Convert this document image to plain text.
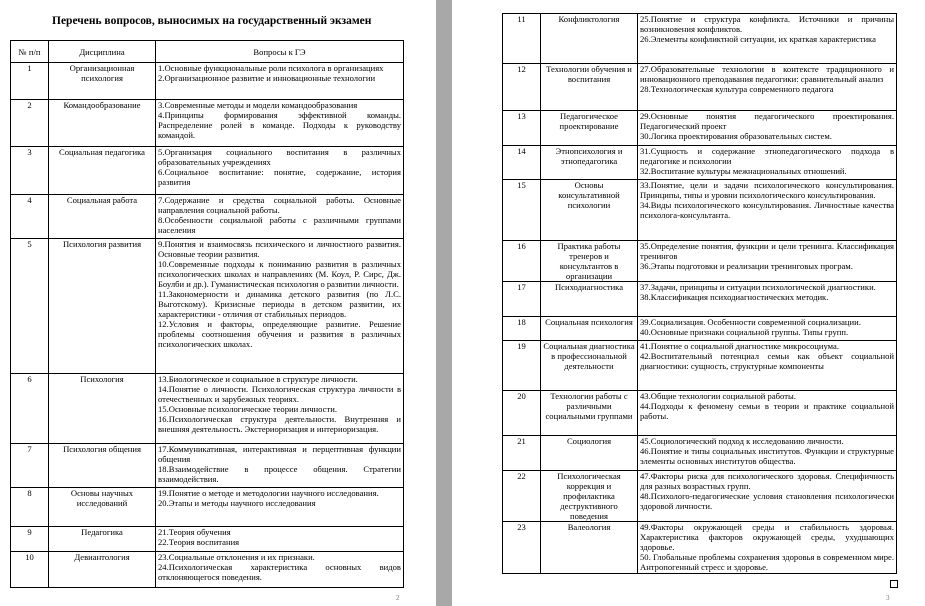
Перечень вопросов, выносимых на государственный экзамен
№ п/п	Дисциплина	Вопросы к ГЭ
1	Организационная психология	1.Основные функциональные роли психолога в организациях
2.Организационное развитие и инновационные технологии

2	Командообразование	3.Современные методы и модели командообразования
4.Принципы формирования эффективной команды. Распределение ролей в команде. Подходы к руководству командой.

3	Социальная педагогика	5.Организация социального воспитания в различных образовательных учреждениях
6.Социальное воспитание: понятие, содержание, история развития

4	Социальная работа	7.Содержание и средства социальной работы. Основные направления социальной работы.
8.Особенности социальной работы с различными группами населения

5	Психология развития	9.Понятия и взаимосвязь психического и личностного развития. Основные теории развития.
10.Современные подходы к пониманию развития в различных психологических школах и направлениях (М. Коул, Р. Сирс, Дж. Боулби и др.). Гуманистическая психология о развитии личности.
11.Закономерности и динамика детского развития (по Л.С. Выготскому). Кризисные периоды в детском развитии, их характеристики - отличия от стабильных периодов.
12.Условия и факторы, определяющие развитие. Решение проблемы соотношения обучения и развития в различных психологических школах.

6	Психология	13.Биологическое и социальное в структуре личности.
14.Понятие о личности. Психологическая структура личности в отечественных и зарубежных теориях.
15.Основные психологические теории личности.
16.Психологическая структура деятельности. Внутренняя и внешняя деятельность. Экстериоризация и интериоризация.

7	Психология общения	17.Коммуникативная, интерактивная и перцептивная функции общения
18.Взаимодействие в процессе общения. Стратегии взаимодействия.

8	Основы научных исследований	19.Понятие о методе и методологии научного исследования.
20.Этапы и методы научного исследования

9	Педагогика	21.Теория обучения
22.Теория воспитания

10	Девиантология	23.Социальные отклонения и их признаки.
24.Психологическая характеристика основных видов отклоняющегося поведения.
2
11	Конфликтология	25.Понятие и структура конфликта. Источники и причины возникновения конфликтов.
26.Элементы конфликтной ситуации, их краткая характеристика

12	Технологии обучения и воспитания	27.Образовательные технологии в контексте традиционного и инновационного преподавания педагогики: сравнительный анализ
28.Технологическая культура современного педагога

13	Педагогическое проектирование	29.Основные понятия педагогического проектирования. Педагогический проект
30.Логика проектирования образовательных систем.

14	Этнопсихология и этнопедагогика	31.Сущность и содержание этнопедагогического подхода в педагогике и психологии
32.Воспитание культуры межнациональных отношений.

15	Основы консультативной психологии	33.Понятие, цели и задачи психологического консультирования. Принципы, типы и уровни психологического консультирования.
34.Виды психологического консультирования. Личностные качества психолога-консультанта.

16	Практика работы тренеров и консультантов в организации	35.Определение понятия, функции и цели тренинга. Классификация тренингов
36.Этапы подготовки и реализации тренинговых програм.

17	Психодиагностика	37.Задачи, принципы и ситуации психологической диагностики.
38.Классификация психодиагностических методик.

18	Социальная психология	39.Социализация. Особенности современной социализации.
40.Основные признаки социальной группы. Типы групп.

19	Социальная диагностика в профессиональной деятельности	41.Понятие о социальной диагностике микросоциума.
42.Воспитательный потенциал семьи как объект социальной диагностики: сущность, структурные компоненты

20	Технологии работы с различными социальными группами	43.Общие технологии социальной работы.
44.Подходы к феномену семьи в теории и практике социальной работы.

21	Социология	45.Социологический подход к исследованию личности.
46.Понятие и типы социальных институтов. Функции и структурные элементы основных институтов общества.

22	Психологическая коррекция и профилактика деструктивного поведения	47.Факторы риска для психологического здоровья. Специфичность для разных возрастных групп.
48.Психолого-педагогические условия становления психологически здоровой личности.

23	Валеология	49.Факторы окружающей среды и стабильность здоровья. Характеристика факторов окружающей среды, ухудшающих здоровье.
50. Глобальные проблемы сохранения здоровья в современном мире. Антропогенный стресс и здоровье.
3
